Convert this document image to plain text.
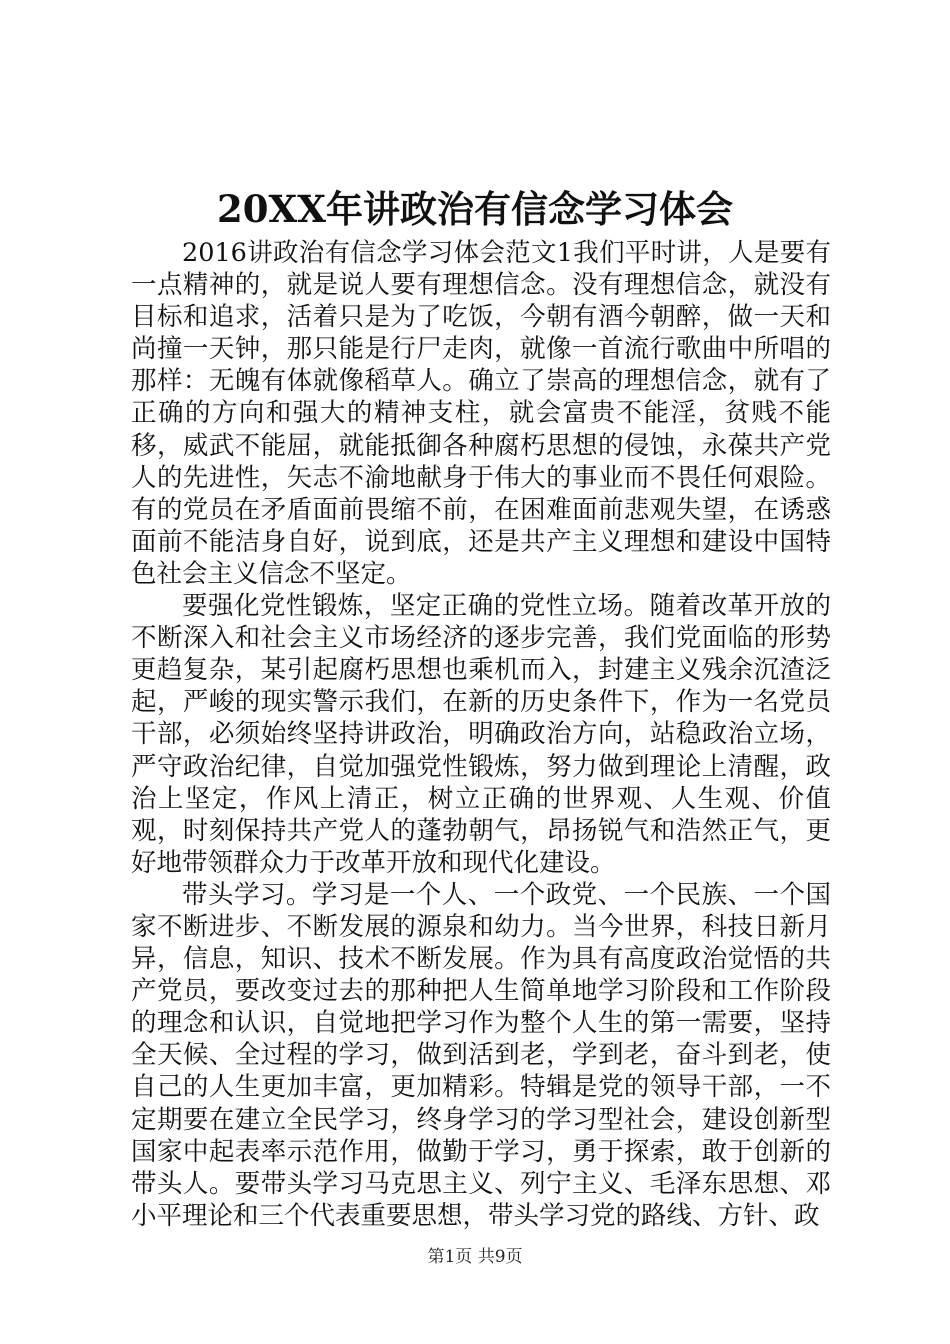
20XX年讲政治有信念学习体会

2016讲政治有信念学习体会范文1我们平时讲，人是要有一点精神的，就是说人要有理想信念。没有理想信念，就没有目标和追求，活着只是为了吃饭，今朝有酒今朝醉，做一天和尚撞一天钟，那只能是行尸走肉，就像一首流行歌曲中所唱的那样：无魄有体就像稻草人。确立了崇高的理想信念，就有了正确的方向和强大的精神支柱，就会富贵不能淫，贫贱不能移，威武不能屈，就能抵御各种腐朽思想的侵蚀，永葆共产党人的先进性，矢志不渝地献身于伟大的事业而不畏任何艰险。有的党员在矛盾面前畏缩不前，在困难面前悲观失望，在诱惑面前不能洁身自好，说到底，还是共产主义理想和建设中国特色社会主义信念不坚定。

要强化党性锻炼，坚定正确的党性立场。随着改革开放的不断深入和社会主义市场经济的逐步完善，我们党面临的形势更趋复杂，某引起腐朽思想也乘机而入，封建主义残余沉渣泛起，严峻的现实警示我们，在新的历史条件下，作为一名党员干部，必须始终坚持讲政治，明确政治方向，站稳政治立场，严守政治纪律，自觉加强党性锻炼，努力做到理论上清醒，政治上坚定，作风上清正，树立正确的世界观、人生观、价值观，时刻保持共产党人的蓬勃朝气，昂扬锐气和浩然正气，更好地带领群众力于改革开放和现代化建设。

带头学习。学习是一个人、一个政党、一个民族、一个国家不断进步、不断发展的源泉和幼力。当今世界，科技日新月异，信息，知识、技术不断发展。作为具有高度政治觉悟的共产党员，要改变过去的那种把人生简单地学习阶段和工作阶段的理念和认识，自觉地把学习作为整个人生的第一需要，坚持全天候、全过程的学习，做到活到老，学到老，奋斗到老，使自己的人生更加丰富，更加精彩。特辑是党的领导干部，一不定期要在建立全民学习，终身学习的学习型社会，建设创新型国家中起表率示范作用，做勤于学习，勇于探索，敢于创新的带头人。要带头学习马克思主义、列宁主义、毛泽东思想、邓小平理论和三个代表重要思想，带头学习党的路线、方针、政

第1页 共9页
